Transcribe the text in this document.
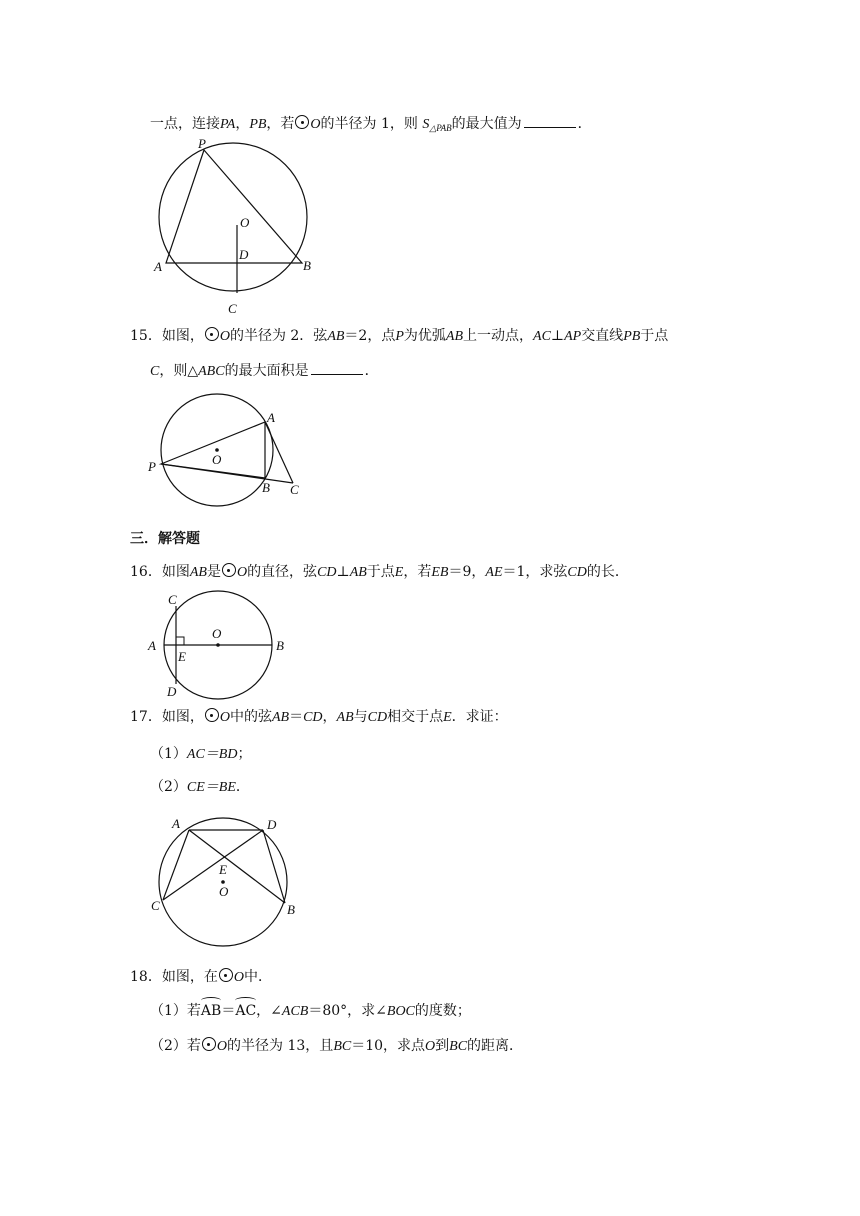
一点，连接PA，PB，若 O的半径为 1，则 $S_{\triangle PAB}$的最大值为	．
P
O
D
A	B
C
15．如图， O的半径为 2．弦AB＝2，点P为优弧AB上一动点，AC⊥AP交直线PB于点
C，则△ABC的最大面积是	．
A
O
P
B C
三．解答题
16．如图AB是 O的直径，弦CD⊥AB于点E，若EB＝9，AE＝1，求弦CD的长．
C
A
E
O
B
D
17．如图， O中的弦AB＝CD，AB与CD相交于点E．求证：
（1）AC＝BD；
（2）CE＝BE．
A	D
E
O
C	B
18．如图，在 O中．
（1）若AB＝AC，∠ACB＝80°，求∠BOC的度数；
（2）若 O的半径为 13，且BC＝10，求点O到BC的距离．
